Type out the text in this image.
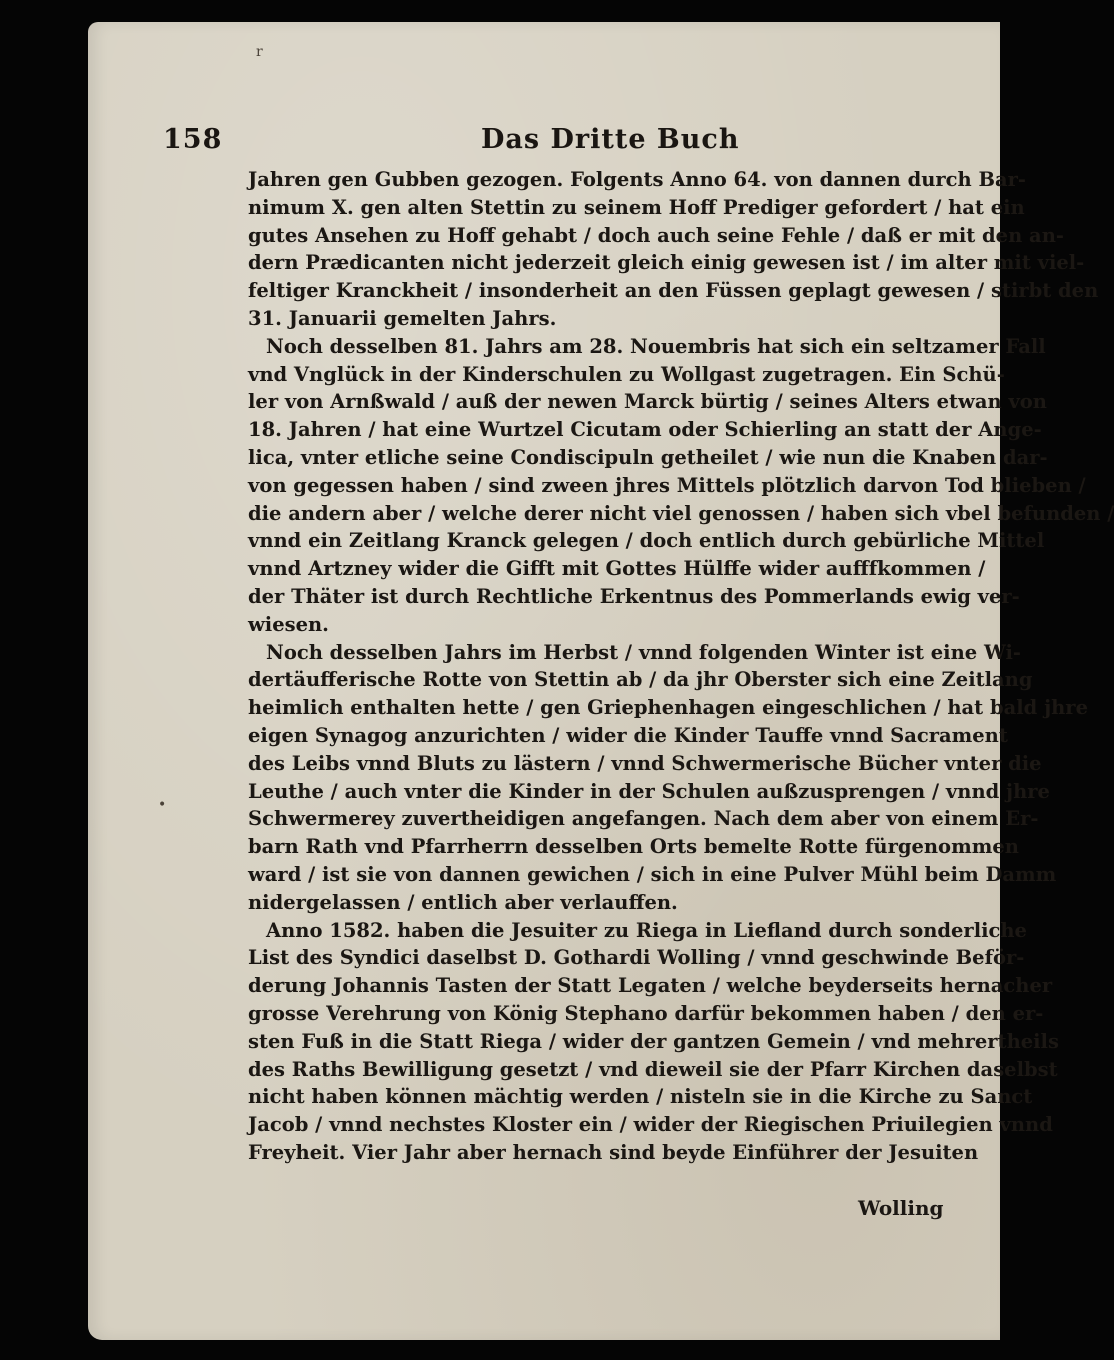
r
•
158	Das Dritte Buch
Jahren gen Gubben gezogen. Folgents Anno 64. von dannen durch Bar-
nimum X. gen alten Stettin zu seinem Hoff Prediger gefordert / hat ein
gutes Ansehen zu Hoff gehabt / doch auch seine Fehle / daß er mit den an-
dern Prædicanten nicht jederzeit gleich einig gewesen ist / im alter mit viel-
feltiger Kranckheit / insonderheit an den Füssen geplagt gewesen / stirbt den
31. Januarii gemelten Jahrs.
Noch desselben 81. Jahrs am 28. Nouembris hat sich ein seltzamer Fall
vnd Vnglück in der Kinderschulen zu Wollgast zugetragen. Ein Schü-
ler von Arnßwald / auß der newen Marck bürtig / seines Alters etwan von
18. Jahren / hat eine Wurtzel Cicutam oder Schierling an statt der Ange-
lica, vnter etliche seine Condiscipuln getheilet / wie nun die Knaben dar-
von gegessen haben / sind zween jhres Mittels plötzlich darvon Tod blieben /
die andern aber / welche derer nicht viel genossen / haben sich vbel befunden /
vnnd ein Zeitlang Kranck gelegen / doch entlich durch gebürliche Mittel
vnnd Artzney wider die Gifft mit Gottes Hülffe wider aufffkommen /
der Thäter ist durch Rechtliche Erkentnus des Pommerlands ewig ver-
wiesen.
Noch desselben Jahrs im Herbst / vnnd folgenden Winter ist eine Wi-
dertäufferische Rotte von Stettin ab / da jhr Oberster sich eine Zeitlang
heimlich enthalten hette / gen Griephenhagen eingeschlichen / hat bald jhre
eigen Synagog anzurichten / wider die Kinder Tauffe vnnd Sacrament
des Leibs vnnd Bluts zu lästern / vnnd Schwermerische Bücher vnter die
Leuthe / auch vnter die Kinder in der Schulen außzusprengen / vnnd jhre
Schwermerey zuvertheidigen angefangen. Nach dem aber von einem Er-
barn Rath vnd Pfarrherrn desselben Orts bemelte Rotte fürgenommen
ward / ist sie von dannen gewichen / sich in eine Pulver Mühl beim Damm
nidergelassen / entlich aber verlauffen.
Anno 1582. haben die Jesuiter zu Riega in Liefland durch sonderliche
List des Syndici daselbst D. Gothardi Wolling / vnnd geschwinde Beför-
derung Johannis Tasten der Statt Legaten / welche beyderseits hernacher
grosse Verehrung von König Stephano darfür bekommen haben / den er-
sten Fuß in die Statt Riega / wider der gantzen Gemein / vnd mehrertheils
des Raths Bewilligung gesetzt / vnd dieweil sie der Pfarr Kirchen daselbst
nicht haben können mächtig werden / nisteln sie in die Kirche zu Sanct
Jacob / vnnd nechstes Kloster ein / wider der Riegischen Priuilegien vnnd
Freyheit. Vier Jahr aber hernach sind beyde Einführer der Jesuiten
Wolling
